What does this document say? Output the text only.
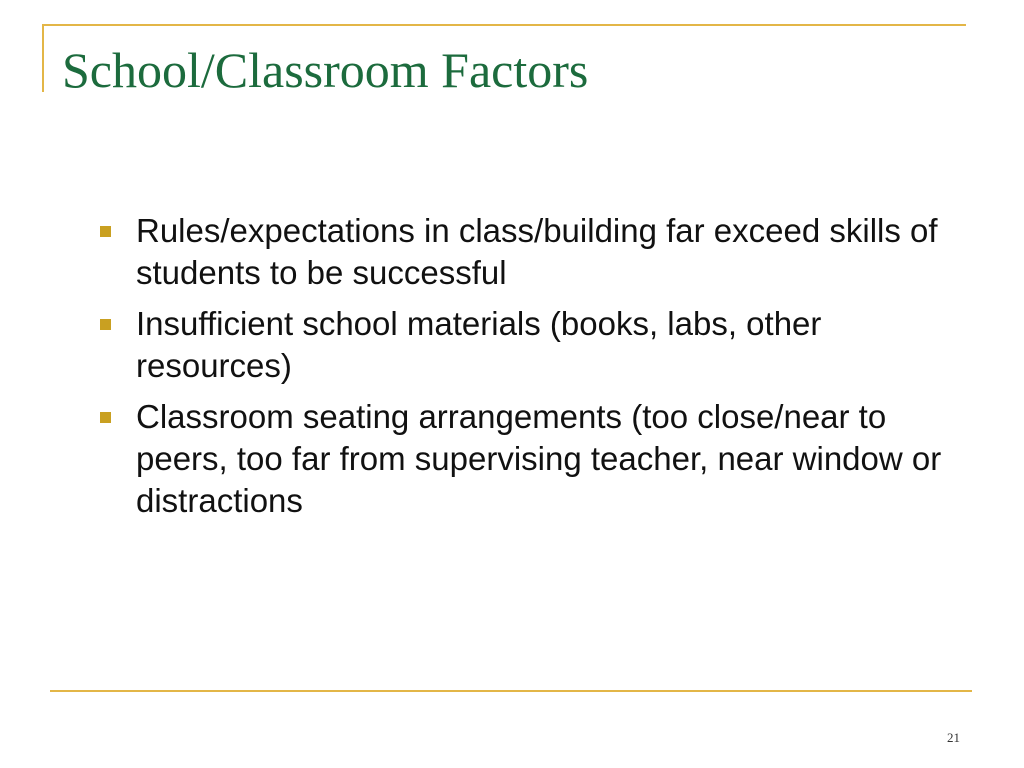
School/Classroom Factors
Rules/expectations in class/building far exceed skills of students to be successful
Insufficient school materials (books, labs, other resources)
Classroom seating arrangements (too close/near to peers, too far from supervising teacher, near window or distractions
21
